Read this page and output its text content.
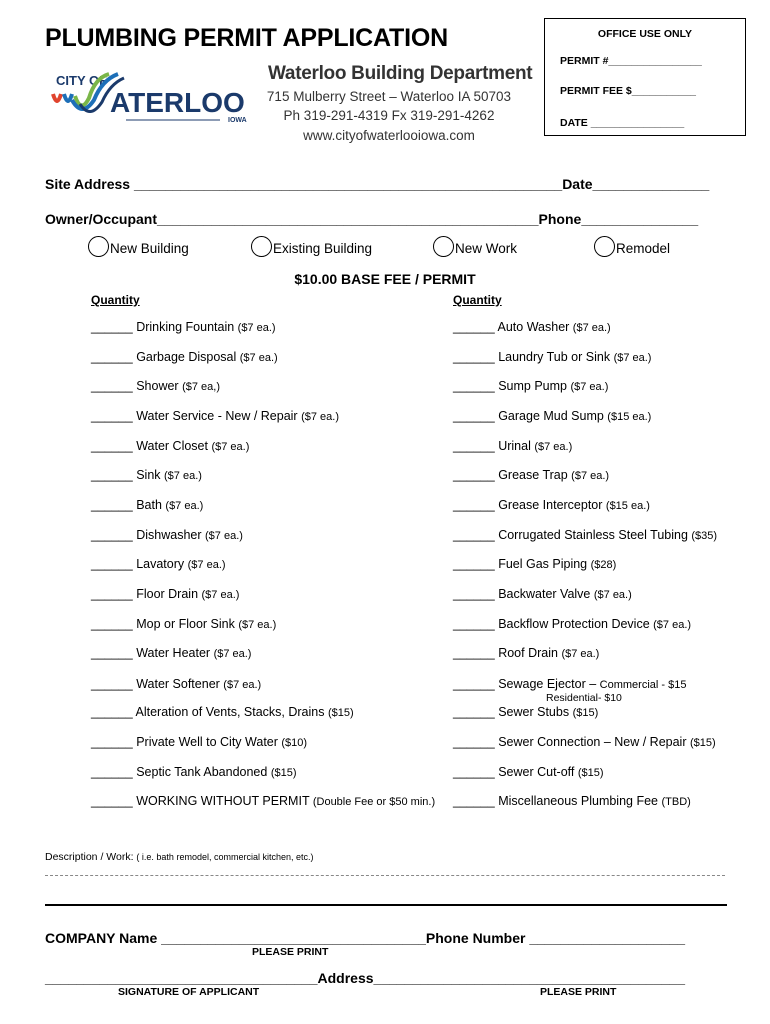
PLUMBING PERMIT APPLICATION	OFFICE USE ONLY
PERMIT #________________
PERMIT FEE $___________
DATE ________________
CITY OF
ATERLOO
IOWA
Waterloo Building Department
715 Mulberry Street – Waterloo IA 50703
Ph 319-291-4319 Fx 319-291-4262
www.cityofwaterlooiowa.com
Site Address _______________________________________________________Date_______________
Owner/Occupant_________________________________________________Phone_______________
New Building	Existing Building	New Work	Remodel
$10.00 BASE FEE / PERMIT
Quantity	Quantity
Residential- $10
Description / Work: ( i.e. bath remodel, commercial kitchen, etc.)
COMPANY Name __________________________________Phone Number ____________________
PLEASE PRINT
___________________________________Address________________________________________
SIGNATURE OF APPLICANT	PLEASE PRINT
______ Drinking Fountain ($7 ea.)
______ Garbage Disposal ($7 ea.)
______ Shower ($7 ea,)
______ Water Service - New / Repair ($7 ea.)
______ Water Closet ($7 ea.)
______ Sink ($7 ea.)
______ Bath ($7 ea.)
______ Dishwasher ($7 ea.)
______ Lavatory ($7 ea.)
______ Floor Drain ($7 ea.)
______ Mop or Floor Sink ($7 ea.)
______ Water Heater ($7 ea.)
______ Water Softener ($7 ea.)
______ Alteration of Vents, Stacks, Drains ($15)
______ Private Well to City Water ($10)
______ Septic Tank Abandoned ($15)
______ WORKING WITHOUT PERMIT (Double Fee or $50 min.)
______ Auto Washer ($7 ea.)
______ Laundry Tub or Sink ($7 ea.)
______ Sump Pump ($7 ea.)
______ Garage Mud Sump ($15 ea.)
______ Urinal ($7 ea.)
______ Grease Trap ($7 ea.)
______ Grease Interceptor ($15 ea.)
______ Corrugated Stainless Steel Tubing ($35)
______ Fuel Gas Piping ($28)
______ Backwater Valve ($7 ea.)
______ Backflow Protection Device ($7 ea.)
______ Roof Drain ($7 ea.)
______ Sewage Ejector – Commercial - $15
______ Sewer Stubs ($15)
______ Sewer Connection – New / Repair ($15)
______ Sewer Cut-off ($15)
______ Miscellaneous Plumbing Fee (TBD)
